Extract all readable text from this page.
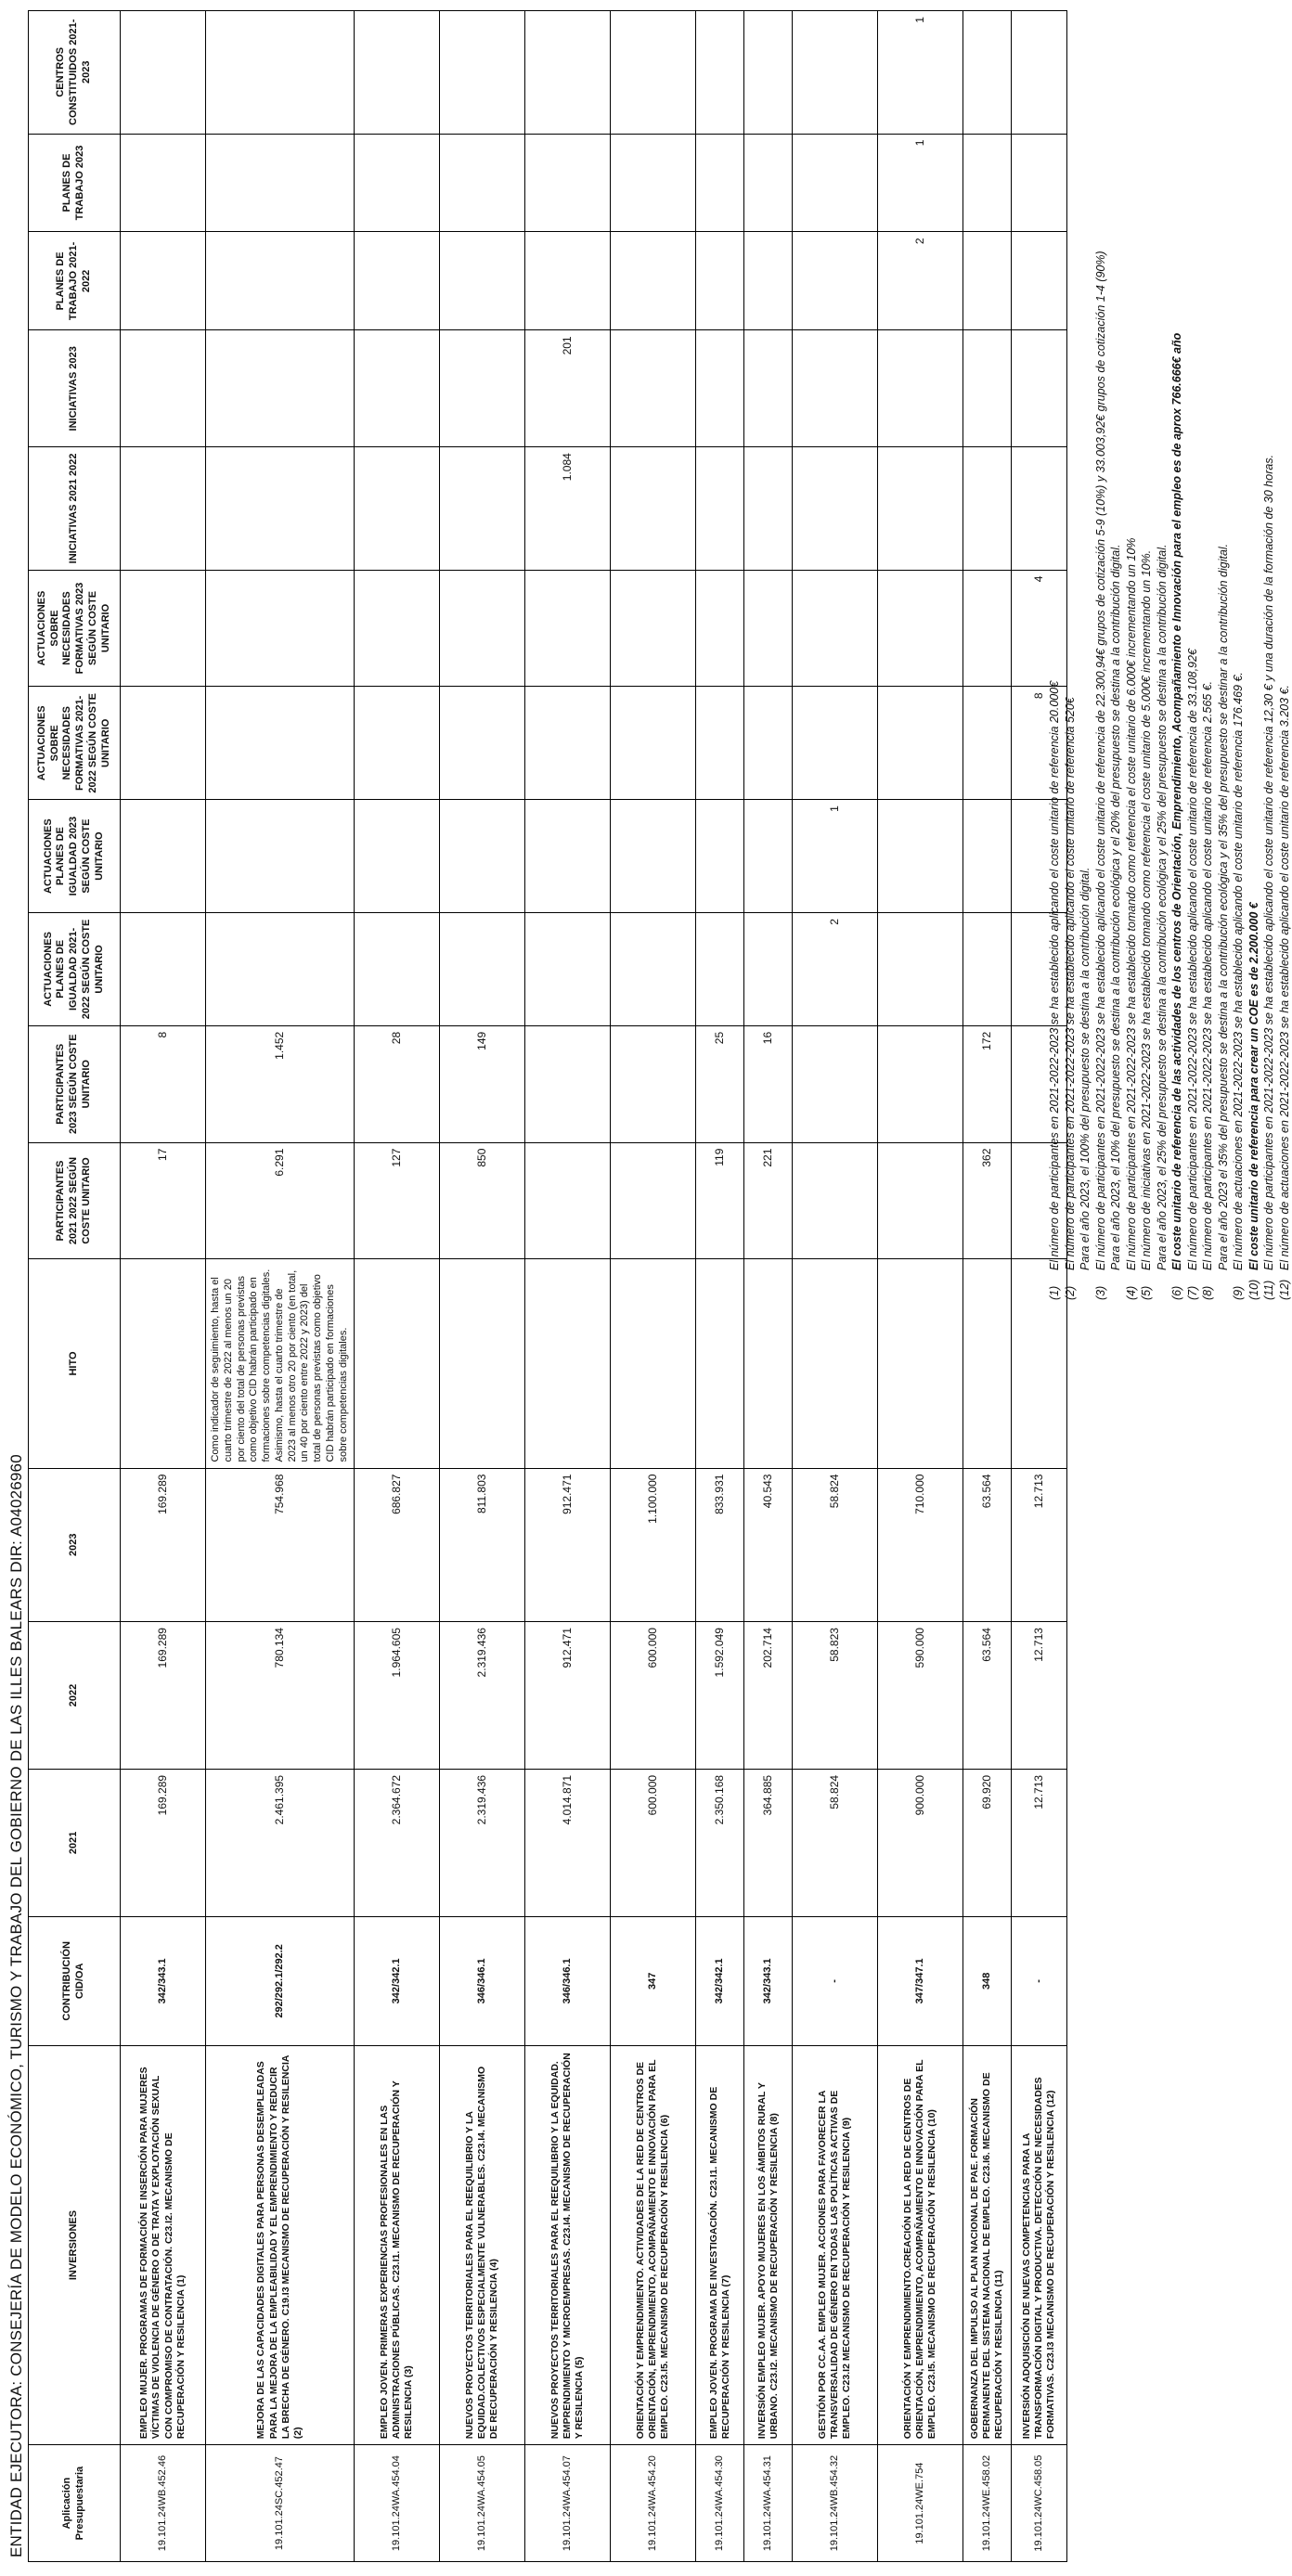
ENTIDAD EJECUTORA: CONSEJERÍA DE MODELO ECONÓMICO, TURISMO Y TRABAJO DEL GOBIERNO DE LAS ILLES BALEARS DIR: A04026960	Aplicación Presupuestaria	INVERSIONES	CONTRIBUCIÓN CID/OA	2021	2022	2023	HITO	PARTICIPANTES 2021 2022 SEGÚN COSTE UNITARIO	PARTICIPANTES 2023 SEGÚN COSTE UNITARIO	ACTUACIONES PLANES DE IGUALDAD 2021-2022 SEGÚN COSTE UNITARIO	ACTUACIONES PLANES DE IGUALDAD 2023 SEGÚN COSTE UNITARIO	ACTUACIONES SOBRE NECESIDADES FORMATIVAS 2021-2022 SEGÚN COSTE UNITARIO	ACTUACIONES SOBRE NECESIDADES FORMATIVAS 2023 SEGÚN COSTE UNITARIO	INICIATIVAS 2021 2022	INICIATIVAS 2023	PLANES DE TRABAJO 2021-2022	PLANES DE TRABAJO 2023	CENTROS CONSTITUIDOS 2021-2023
19.101.24WB.452.46	EMPLEO MUJER. PROGRAMAS DE FORMACIÓN E INSERCIÓN PARA MUJERES VÍCTIMAS DE VIOLENCIA DE GÉNERO O DE TRATA Y EXPLOTACIÓN SEXUAL CON COMPROMISO DE CONTRATACIÓN. C23.I2. MECANISMO DE RECUPERACIÓN Y RESILENCIA (1)	342/343.1	169.289	169.289	169.289		17	8									
19.101.24SC.452.47	MEJORA DE LAS CAPACIDADES DIGITALES PARA PERSONAS DESEMPLEADAS PARA LA MEJORA DE LA EMPLEABILIDAD Y EL EMPRENDIMIENTO Y REDUCIR LA BRECHA DE GÉNERO. C19.I3 MECANISMO DE RECUPERACIÓN Y RESILENCIA (2)	292/292.1/292.2	2.461.395	780.134	754.968	Como indicador de seguimiento, hasta el cuarto trimestre de 2022 al menos un 20 por ciento del total de personas previstas como objetivo CID habrán participado en formaciones sobre competencias digitales. Asimismo, hasta el cuarto trimestre de 2023 al menos otro 20 por ciento (en total, un 40 por ciento entre 2022 y 2023) del total de personas previstas como objetivo CID habrán participado en formaciones sobre competencias digitales.	6.291	1.452									
19.101.24WA.454.04	EMPLEO JOVEN. PRIMERAS EXPERIENCIAS PROFESIONALES EN LAS ADMINISTRACIONES PÚBLICAS. C23.I1. MECANISMO DE RECUPERACIÓN Y RESILENCIA (3)	342/342.1	2.364.672	1.964.605	686.827		127	28									
19.101.24WA.454.05	NUEVOS PROYECTOS TERRITORIALES PARA EL REEQUILIBRIO Y LA EQUIDAD.COLECTIVOS ESPECIALMENTE VULNERABLES. C23.I4. MECANISMO DE RECUPERACIÓN Y RESILENCIA (4)	346/346.1	2.319.436	2.319.436	811.803		850	149									
19.101.24WA.454.07	NUEVOS PROYECTOS TERRITORIALES PARA EL REEQUILIBRIO Y LA EQUIDAD. EMPRENDIMIENTO Y MICROEMPRESAS. C23.I4. MECANISMO DE RECUPERACIÓN Y RESILENCIA (5)	346/346.1	4.014.871	912.471	912.471								1.084	201			
19.101.24WA.454.20	ORIENTACIÓN Y EMPRENDIMIENTO. ACTIVIDADES DE LA RED DE CENTROS DE ORIENTACIÓN, EMPRENDIMIENTO, ACOMPAÑAMIENTO E INNOVACIÓN PARA EL EMPLEO. C23.I5. MECANISMO DE RECUPERACIÓN Y RESILENCIA (6)	347	600.000	600.000	1.100.000												
19.101.24WA.454.30	EMPLEO JOVEN. PROGRAMA DE INVESTIGACIÓN. C23.I1. MECANISMO DE RECUPERACIÓN Y RESILENCIA (7)	342/342.1	2.350.168	1.592.049	833.931		119	25									
19.101.24WA.454.31	INVERSIÓN EMPLEO MUJER. APOYO MUJERES EN LOS ÁMBITOS RURAL Y URBANO. C23.I2. MECANISMO DE RECUPERACIÓN Y RESILENCIA (8)	342/343.1	364.885	202.714	40.543		221	16									
19.101.24WB.454.32	GESTIÓN POR CC.AA. EMPLEO MUJER. ACCIONES PARA FAVORECER LA TRANSVERSALIDAD DE GÉNERO EN TODAS LAS POLÍTICAS ACTIVAS DE EMPLEO. C23.I2 MECANISMO DE RECUPERACIÓN Y RESILENCIA (9)	-	58.824	58.823	58.824				2	1							
19.101.24WE.754	ORIENTACIÓN Y EMPRENDIMIENTO.CREACIÓN DE LA RED DE CENTROS DE ORIENTACIÓN, EMPRENDIMIENTO, ACOMPAÑAMIENTO E INNOVACIÓN PARA EL EMPLEO. C23.I5. MECANISMO DE RECUPERACIÓN Y RESILENCIA (10)	347/347.1	900.000	590.000	710.000										2	1	1
19.101.24WE.458.02	GOBERNANZA DEL IMPULSO AL PLAN NACIONAL DE PAE. FORMACIÓN PERMANENTE DEL SISTEMA NACIONAL DE EMPLEO. C23.I6. MECANISMO DE RECUPERACIÓN Y RESILENCIA (11)	348	69.920	63.564	63.564		362	172									
19.101.24WC.458.05	INVERSIÓN ADQUISICIÓN DE NUEVAS COMPETENCIAS PARA LA TRANSFORMACIÓN DIGITAL Y PRODUCTIVA. DETECCIÓN DE NECESIDADES FORMATIVAS. C23.I3 MECANISMO DE RECUPERACIÓN Y RESILENCIA (12)	-	12.713	12.713	12.713						8	4					
(1)
El número de participantes en 2021-2022-2023 se ha establecido aplicando el coste unitario de referencia 20.000€
(2)
El número de participantes en 2021-2022-2023 se ha establecido aplicando el coste unitario de referencia 520€ Para el año 2023, el 100% del presupuesto se destina a la contribución digital.
(3)
El número de participantes en 2021-2022-2023 se ha establecido aplicando el coste unitario de referencia de 22.300,94€ grupos de cotización 5-9 (10%) y 33.003,92€ grupos de cotización 1-4 (90%) Para el año 2023, el 10% del presupuesto se destina a la contribución ecológica y el 20% del presupuesto se destina a la contribución digital.
(4)
El número de participantes en 2021-2022-2023 se ha establecido tomando como referencia el coste unitario de 6.000€ incrementando un 10%
(5)
El número de iniciativas en 2021-2022-2023 se ha establecido tomando como referencia el coste unitario de 5.000€ incrementando un 10%. Para el año 2023, el 25% del presupuesto se destina a la contribución ecológica y el 25% del presupuesto se destina a la contribución digital.
(6)
El coste unitario de referencia de las actividades de los centros de Orientación, Emprendimiento, Acompañamiento e Innovación para el empleo es de aprox 766.666€ año
(7)
El número de participantes en 2021-2022-2023 se ha establecido aplicando el coste unitario de referencia de 33.108,92€
(8)
El número de participantes en 2021-2022-2023 se ha establecido aplicando el coste unitario de referencia 2.565 €. Para el año 2023 el 35% del presupuesto se destina a la contribución ecológica y el 35% del presupuesto se destinar a la contribución digital.
(9)
El número de actuaciones en 2021-2022-2023 se ha establecido aplicando el coste unitario de referencia 176.469 €.
(10)
El coste unitario de referencia para crear un COE es de 2.200.000 €
(11)
El número de participantes en 2021-2022-2023 se ha establecido aplicando el coste unitario de referencia 12,30 € y una duración de la formación de 30 horas.
(12)
El número de actuaciones en 2021-2022-2023 se ha establecido aplicando el coste unitario de referencia 3.203 €.
